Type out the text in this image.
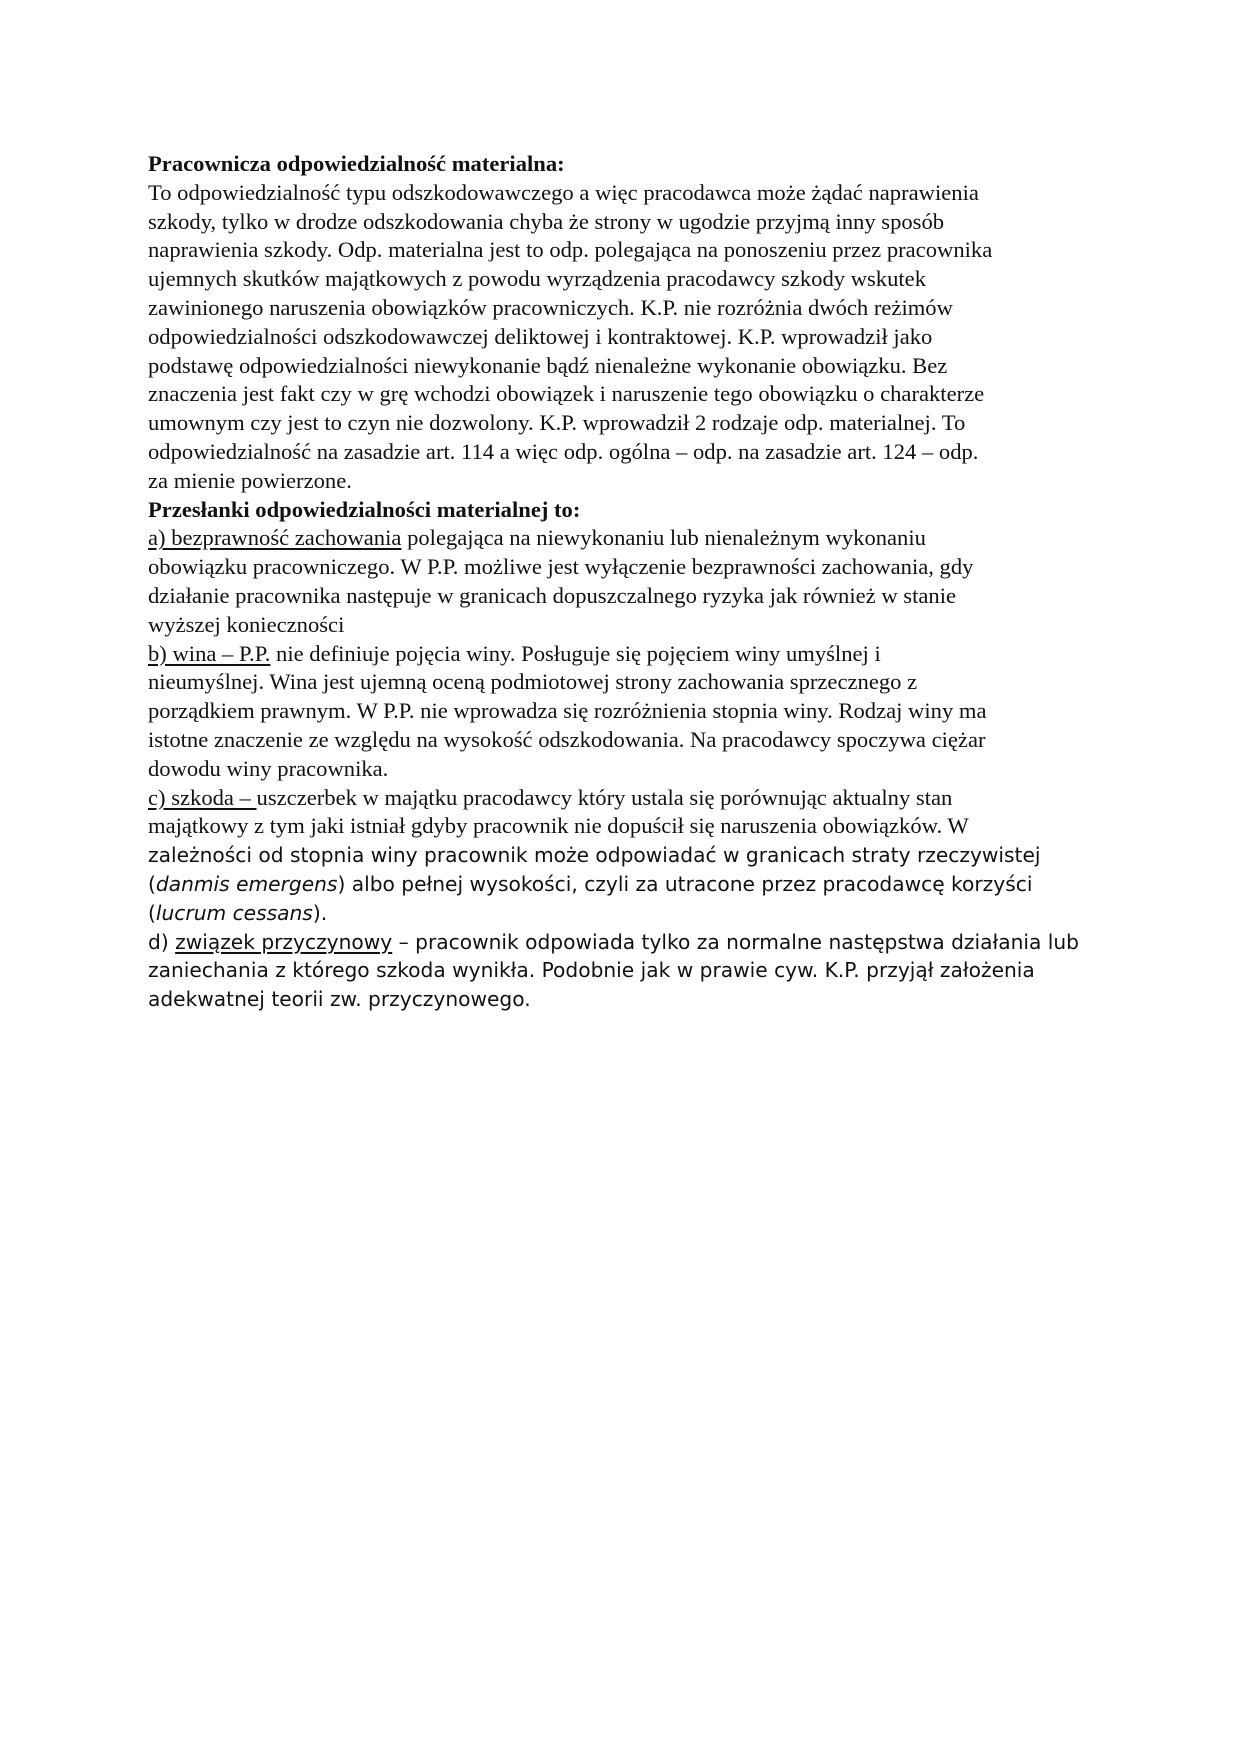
Pracownicza odpowiedzialność materialna:
To odpowiedzialność typu odszkodowawczego a więc pracodawca może żądać naprawienia
szkody, tylko w drodze odszkodowania chyba że strony w ugodzie przyjmą inny sposób
naprawienia szkody. Odp. materialna jest to odp. polegająca na ponoszeniu przez pracownika
ujemnych skutków majątkowych z powodu wyrządzenia pracodawcy szkody wskutek
zawinionego naruszenia obowiązków pracowniczych. K.P. nie rozróżnia dwóch reżimów
odpowiedzialności odszkodowawczej deliktowej i kontraktowej. K.P. wprowadził jako
podstawę odpowiedzialności niewykonanie bądź nienależne wykonanie obowiązku. Bez
znaczenia jest fakt czy w grę wchodzi obowiązek i naruszenie tego obowiązku o charakterze
umownym czy jest to czyn nie dozwolony. K.P. wprowadził 2 rodzaje odp. materialnej. To
odpowiedzialność na zasadzie art. 114 a więc odp. ogólna – odp. na zasadzie art. 124 – odp.
za mienie powierzone.
Przesłanki odpowiedzialności materialnej to:
a) bezprawność zachowania polegająca na niewykonaniu lub nienależnym wykonaniu
obowiązku pracowniczego. W P.P. możliwe jest wyłączenie bezprawności zachowania, gdy
działanie pracownika następuje w granicach dopuszczalnego ryzyka jak również w stanie
wyższej konieczności
b) wina – P.P. nie definiuje pojęcia winy. Posługuje się pojęciem winy umyślnej i
nieumyślnej. Wina jest ujemną oceną podmiotowej strony zachowania sprzecznego z
porządkiem prawnym. W P.P. nie wprowadza się rozróżnienia stopnia winy. Rodzaj winy ma
istotne znaczenie ze względu na wysokość odszkodowania. Na pracodawcy spoczywa ciężar
dowodu winy pracownika.
c) szkoda – uszczerbek w majątku pracodawcy który ustala się porównując aktualny stan
majątkowy z tym jaki istniał gdyby pracownik nie dopuścił się naruszenia obowiązków. W
zależności od stopnia winy pracownik może odpowiadać w granicach straty rzeczywistej
(danmis emergens) albo pełnej wysokości, czyli za utracone przez pracodawcę korzyści
(lucrum cessans).
d) związek przyczynowy – pracownik odpowiada tylko za normalne następstwa działania lub
zaniechania z którego szkoda wynikła. Podobnie jak w prawie cyw. K.P. przyjął założenia
adekwatnej teorii zw. przyczynowego.
